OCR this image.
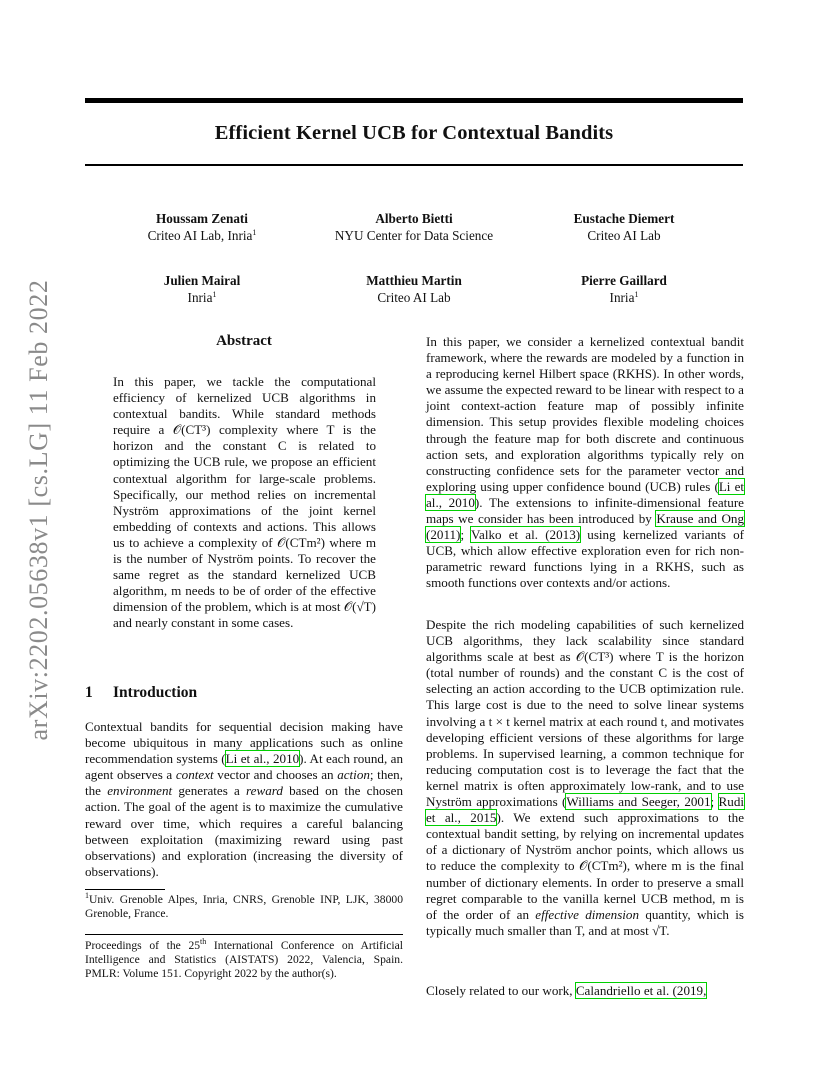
Efficient Kernel UCB for Contextual Bandits
Houssam Zenati
Criteo AI Lab, Inria$^1$
Alberto Bietti
NYU Center for Data Science
Eustache Diemert
Criteo AI Lab
Julien Mairal
Inria$^1$
Matthieu Martin
Criteo AI Lab
Pierre Gaillard
Inria$^1$
arXiv:2202.05638v1 [cs.LG] 11 Feb 2022	Abstract

In this paper, we tackle the computational efficiency of kernelized UCB algorithms in contextual bandits. While standard methods require a 𝒪(CT³) complexity where T is the horizon and the constant C is related to optimizing the UCB rule, we propose an efficient contextual algorithm for large-scale problems. Specifically, our method relies on incremental Nyström approximations of the joint kernel embedding of contexts and actions. This allows us to achieve a complexity of 𝒪(CTm²) where m is the number of Nyström points. To recover the same regret as the standard kernelized UCB algorithm, m needs to be of order of the effective dimension of the problem, which is at most 𝒪(√T) and nearly constant in some cases.

1 Introduction

Contextual bandits for sequential decision making have become ubiquitous in many applications such as online recommendation systems (Li et al., 2010). At each round, an agent observes a context vector and chooses an action; then, the environment generates a reward based on the chosen action. The goal of the agent is to maximize the cumulative reward over time, which requires a careful balancing between exploitation (maximizing reward using past observations) and exploration (increasing the diversity of observations).

$^1$Univ. Grenoble Alpes, Inria, CNRS, Grenoble INP, LJK, 38000 Grenoble, France.

Proceedings of the 25th International Conference on Artificial Intelligence and Statistics (AISTATS) 2022, Valencia, Spain. PMLR: Volume 151. Copyright 2022 by the author(s).

In this paper, we consider a kernelized contextual bandit framework, where the rewards are modeled by a function in a reproducing kernel Hilbert space (RKHS). In other words, we assume the expected reward to be linear with respect to a joint context-action feature map of possibly infinite dimension. This setup provides flexible modeling choices through the feature map for both discrete and continuous action sets, and exploration algorithms typically rely on constructing confidence sets for the parameter vector and exploring using upper confidence bound (UCB) rules (Li et al., 2010). The extensions to infinite-dimensional feature maps we consider has been introduced by Krause and Ong (2011); Valko et al. (2013) using kernelized variants of UCB, which allow effective exploration even for rich non-parametric reward functions lying in a RKHS, such as smooth functions over contexts and/or actions.

Despite the rich modeling capabilities of such kernelized UCB algorithms, they lack scalability since standard algorithms scale at best as 𝒪(CT³) where T is the horizon (total number of rounds) and the constant C is the cost of selecting an action according to the UCB optimization rule. This large cost is due to the need to solve linear systems involving a t × t kernel matrix at each round t, and motivates developing efficient versions of these algorithms for large problems. In supervised learning, a common technique for reducing computation cost is to leverage the fact that the kernel matrix is often approximately low-rank, and to use Nyström approximations (Williams and Seeger, 2001; Rudi et al., 2015). We extend such approximations to the contextual bandit setting, by relying on incremental updates of a dictionary of Nyström anchor points, which allows us to reduce the complexity to 𝒪(CTm²), where m is the final number of dictionary elements. In order to preserve a small regret comparable to the vanilla kernel UCB method, m is of the order of an effective dimension quantity, which is typically much smaller than T, and at most √T.

Closely related to our work, Calandriello et al. (2019,
